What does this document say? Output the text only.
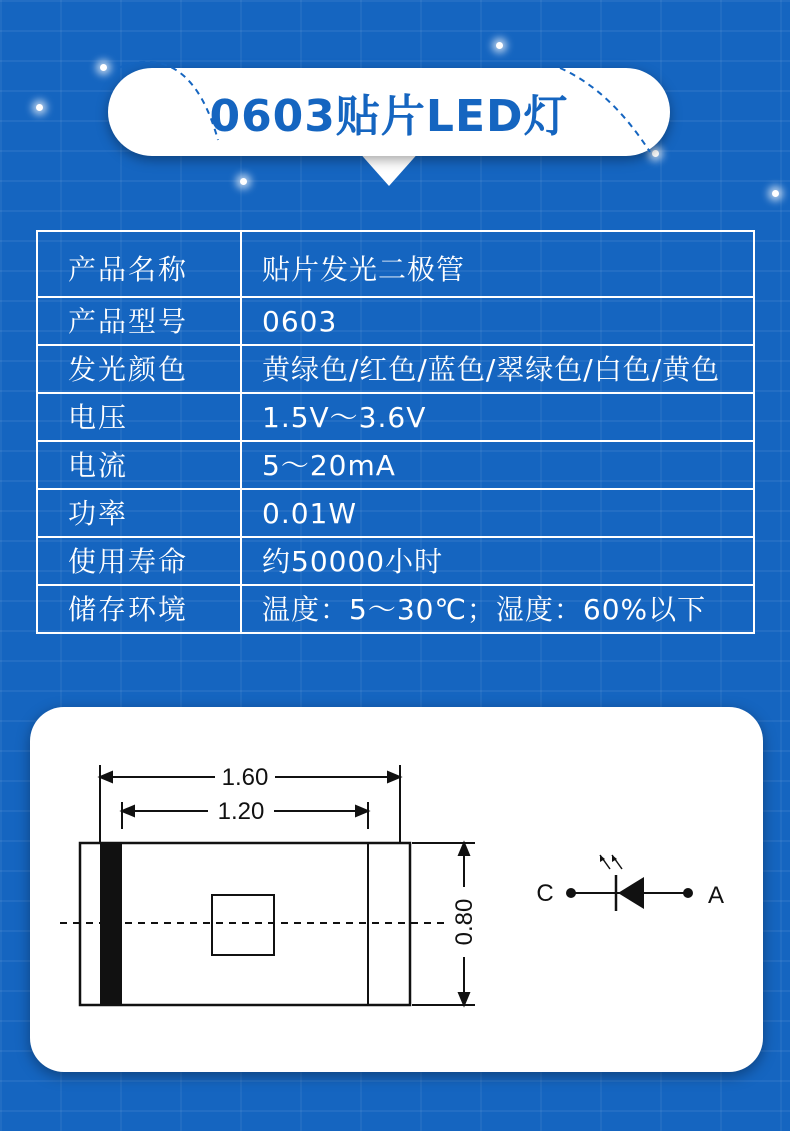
0603贴片LED灯
产品名称	贴片发光二极管
产品型号	0603
发光颜色	黄绿色/红色/蓝色/翠绿色/白色/黄色
电压	1.5V～3.6V
电流	5～20mA
功率	0.01W
使用寿命	约50000小时
储存环境	温度：5～30℃；湿度：60%以下
1.60
1.20
0.80
C	A
